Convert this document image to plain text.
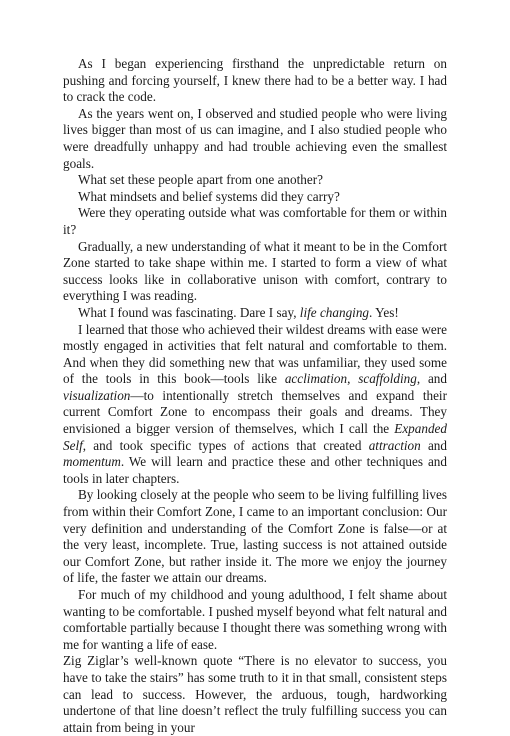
As I began experiencing firsthand the unpredictable return on pushing and forcing yourself, I knew there had to be a better way. I had to crack the code.

As the years went on, I observed and studied people who were living lives bigger than most of us can imagine, and I also studied people who were dreadfully unhappy and had trouble achieving even the smallest goals.

What set these people apart from one another?

What mindsets and belief systems did they carry?

Were they operating outside what was comfortable for them or within it?

Gradually, a new understanding of what it meant to be in the Comfort Zone started to take shape within me. I started to form a view of what success looks like in collaborative unison with comfort, contrary to everything I was reading.

What I found was fascinating. Dare I say, life changing. Yes!

I learned that those who achieved their wildest dreams with ease were mostly engaged in activities that felt natural and comfortable to them. And when they did something new that was unfamiliar, they used some of the tools in this book—tools like acclimation, scaffolding, and visualization—to intentionally stretch themselves and expand their current Comfort Zone to encompass their goals and dreams. They envisioned a bigger version of themselves, which I call the Expanded Self, and took specific types of actions that created attraction and momentum. We will learn and practice these and other techniques and tools in later chapters.

By looking closely at the people who seem to be living fulfilling lives from within their Comfort Zone, I came to an important conclusion: Our very definition and understanding of the Comfort Zone is false—or at the very least, incomplete. True, lasting success is not attained outside our Comfort Zone, but rather inside it. The more we enjoy the journey of life, the faster we attain our dreams.

For much of my childhood and young adulthood, I felt shame about wanting to be comfortable. I pushed myself beyond what felt natural and comfortable partially because I thought there was something wrong with me for wanting a life of ease.

Zig Ziglar’s well-known quote “There is no elevator to success, you have to take the stairs” has some truth to it in that small, consistent steps can lead to success. However, the arduous, tough, hardworking undertone of that line doesn’t reflect the truly fulfilling success you can attain from being in your
